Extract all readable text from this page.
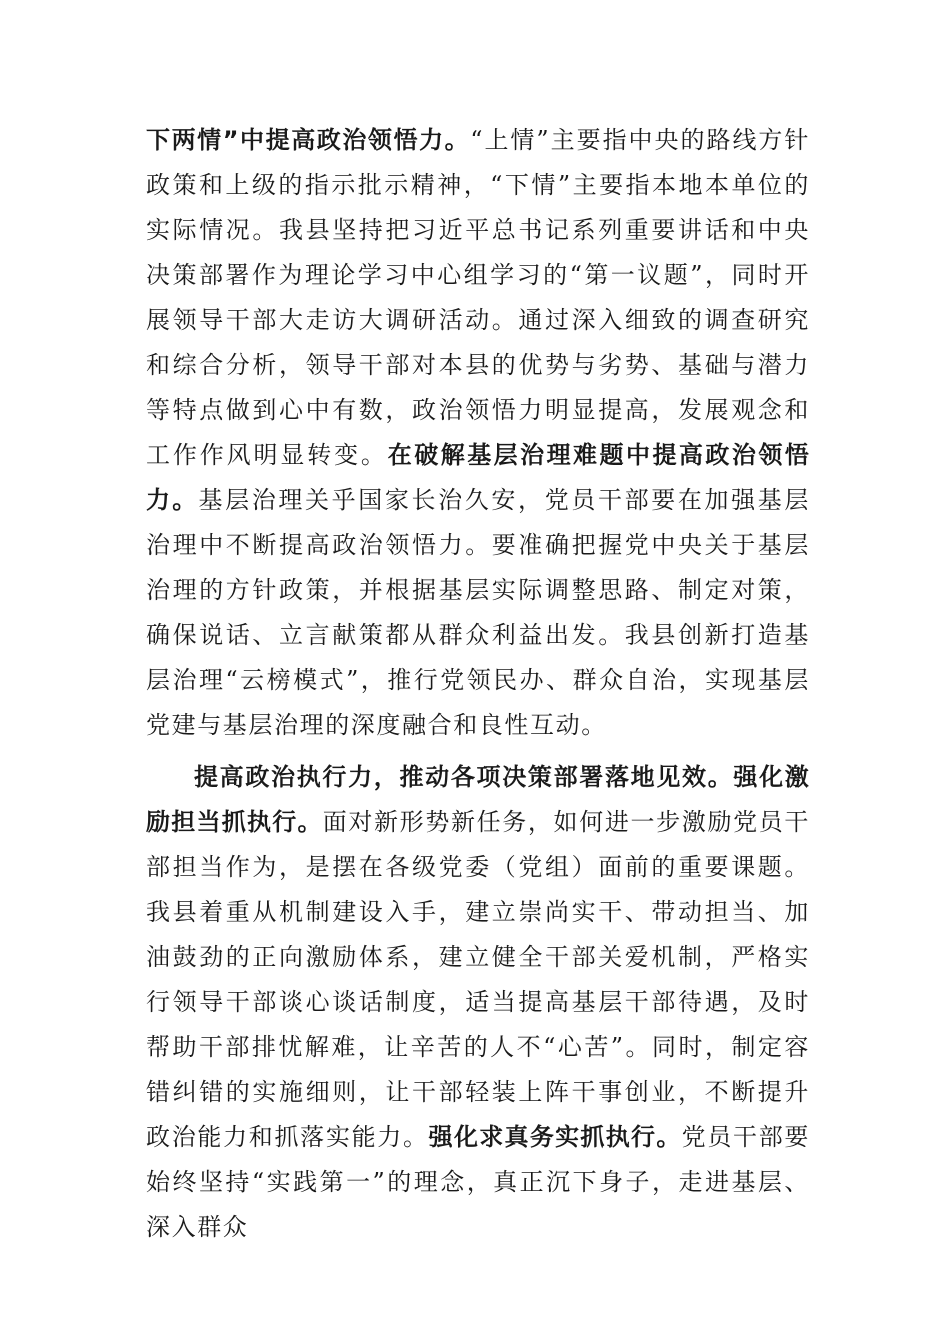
下两情”中提高政治领悟力。“上情”主要指中央的路线方针政策和上级的指示批示精神，“下情”主要指本地本单位的实际情况。我县坚持把习近平总书记系列重要讲话和中央决策部署作为理论学习中心组学习的“第一议题”，同时开展领导干部大走访大调研活动。通过深入细致的调查研究和综合分析，领导干部对本县的优势与劣势、基础与潜力等特点做到心中有数，政治领悟力明显提高，发展观念和工作作风明显转变。在破解基层治理难题中提高政治领悟力。基层治理关乎国家长治久安，党员干部要在加强基层治理中不断提高政治领悟力。要准确把握党中央关于基层治理的方针政策，并根据基层实际调整思路、制定对策，确保说话、立言献策都从群众利益出发。我县创新打造基层治理“云榜模式”，推行党领民办、群众自治，实现基层党建与基层治理的深度融合和良性互动。

提高政治执行力，推动各项决策部署落地见效。强化激励担当抓执行。面对新形势新任务，如何进一步激励党员干部担当作为，是摆在各级党委（党组）面前的重要课题。我县着重从机制建设入手，建立崇尚实干、带动担当、加油鼓劲的正向激励体系，建立健全干部关爱机制，严格实行领导干部谈心谈话制度，适当提高基层干部待遇，及时帮助干部排忧解难，让辛苦的人不“心苦”。同时，制定容错纠错的实施细则，让干部轻装上阵干事创业，不断提升政治能力和抓落实能力。强化求真务实抓执行。党员干部要始终坚持“实践第一”的理念，真正沉下身子，走进基层、深入群众
